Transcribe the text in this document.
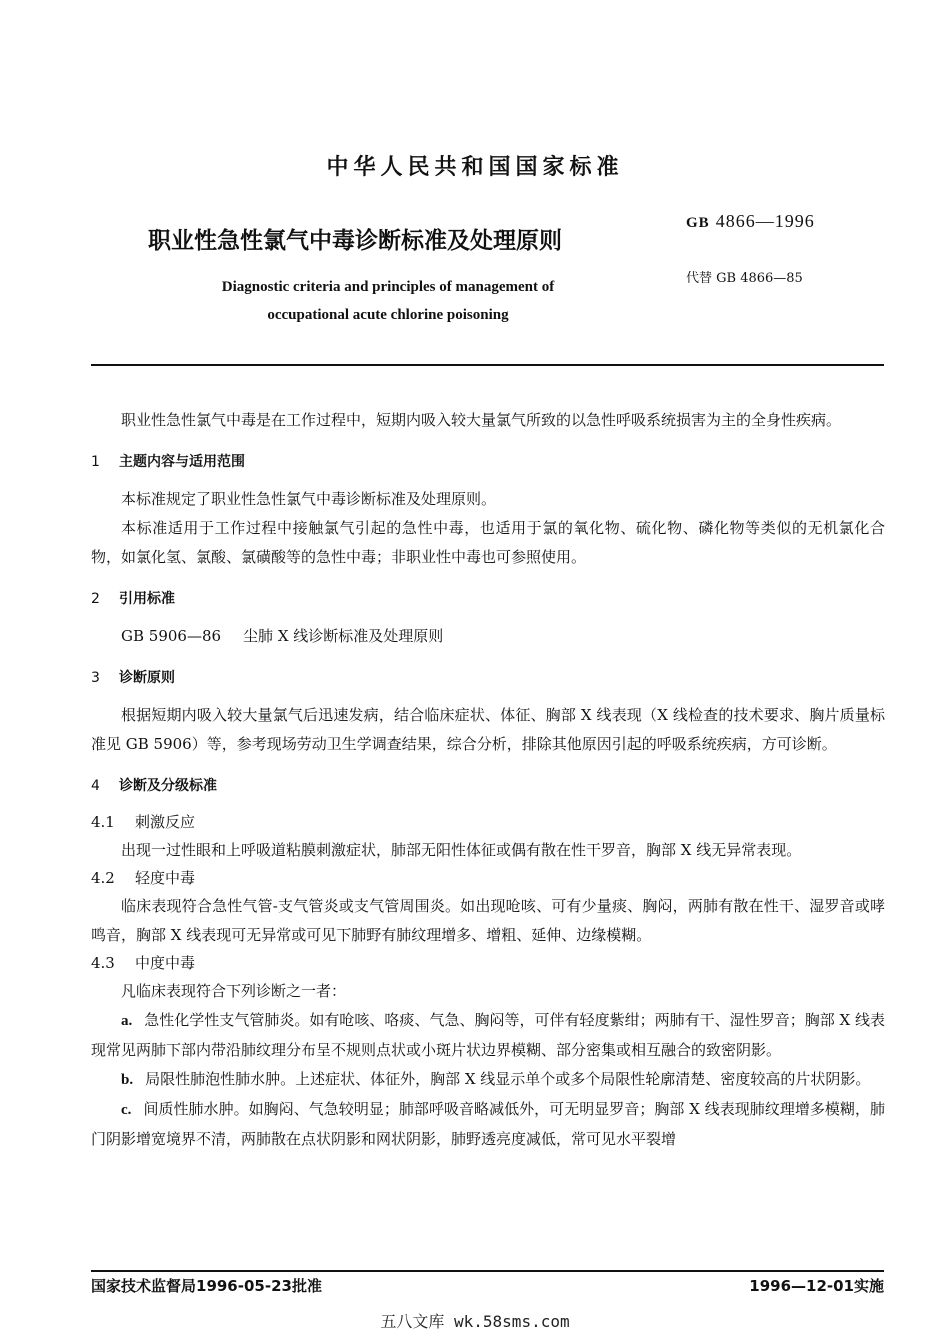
中华人民共和国国家标准
职业性急性氯气中毒诊断标准及处理原则
GB 4866—1996
代替 GB 4866—85
Diagnostic criteria and principles of management of
occupational acute chlorine poisoning

职业性急性氯气中毒是在工作过程中，短期内吸入较大量氯气所致的以急性呼吸系统损害为主的全身性疾病。

1 主题内容与适用范围

本标准规定了职业性急性氯气中毒诊断标准及处理原则。

本标准适用于工作过程中接触氯气引起的急性中毒，也适用于氯的氧化物、硫化物、磷化物等类似的无机氯化合物，如氯化氢、氯酸、氯磺酸等的急性中毒；非职业性中毒也可参照使用。

2 引用标准

GB 5906—86 尘肺 X 线诊断标准及处理原则

3 诊断原则

根据短期内吸入较大量氯气后迅速发病，结合临床症状、体征、胸部 X 线表现（X 线检查的技术要求、胸片质量标准见 GB 5906）等，参考现场劳动卫生学调查结果，综合分析，排除其他原因引起的呼吸系统疾病，方可诊断。

4 诊断及分级标准
4.1 刺激反应

出现一过性眼和上呼吸道粘膜刺激症状，肺部无阳性体征或偶有散在性干罗音，胸部 X 线无异常表现。

4.2 轻度中毒

临床表现符合急性气管-支气管炎或支气管周围炎。如出现呛咳、可有少量痰、胸闷，两肺有散在性干、湿罗音或哮鸣音，胸部 X 线表现可无异常或可见下肺野有肺纹理增多、增粗、延伸、边缘模糊。

4.3 中度中毒

凡临床表现符合下列诊断之一者：

a. 急性化学性支气管肺炎。如有呛咳、咯痰、气急、胸闷等，可伴有轻度紫绀；两肺有干、湿性罗音；胸部 X 线表现常见两肺下部内带沿肺纹理分布呈不规则点状或小斑片状边界模糊、部分密集或相互融合的致密阴影。

b. 局限性肺泡性肺水肿。上述症状、体征外，胸部 X 线显示单个或多个局限性轮廓清楚、密度较高的片状阴影。

c. 间质性肺水肿。如胸闷、气急较明显；肺部呼吸音略减低外，可无明显罗音；胸部 X 线表现肺纹理增多模糊，肺门阴影增宽境界不清，两肺散在点状阴影和网状阴影，肺野透亮度减低，常可见水平裂增

国家技术监督局1996-05-23批准	1996—12-01实施
五八文库 wk.58sms.com
